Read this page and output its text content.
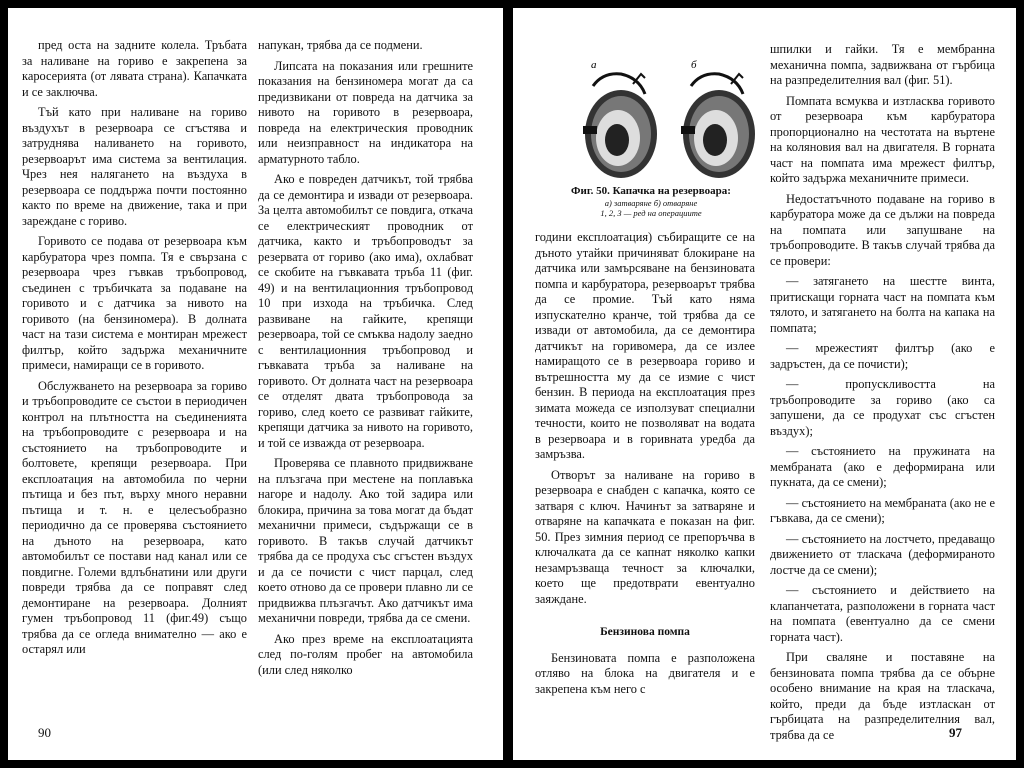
пред оста на задните колела. Тръбата за наливане на гориво е закрепена за каросерията (от лявата страна). Капачката и се заключва.

Тъй като при наливане на гориво въздухът в резервоара се сгъстява и затруднява наливането на горивото, резервоарът има система за вентилация. Чрез нея налягането на въздуха в резервоара се поддържа почти постоянно както по време на движение, така и при зареждане с гориво.

Горивото се подава от резервоара към карбуратора чрез помпа. Тя е свързана с резервоара чрез гъвкав тръбопровод, съединен с тръбичката за подаване на горивото и с датчика за нивото на горивото (на бензиномера). В долната част на тази система е монтиран мрежест филтър, който задържа механичните примеси, намиращи се в горивото.

Обслужването на резервоара за гориво и тръбопроводите се състои в периодичен контрол на плътността на съединенията на тръбопроводите с резервоара и на състоянието на тръбопроводите и болтовете, крепящи резервоара. При експлоатация на автомобила по черни пътища и без път, върху много неравни пътища и т. н. е целесъобразно периодично да се проверява състоянието на дъното на резервоара, като автомобилът се постави над канал или се повдигне. Големи вдлъбнатини или други повреди трябва да се поправят след демонтиране на резервоара. Долният гумен тръбопровод 11 (фиг.49) също трябва да се огледа внимателно — ако е остарял или

напукан, трябва да се подмени.

Липсата на показания или грешните показания на бензиномера могат да са предизвикани от повреда на датчика за нивото на горивото в резервоара, повреда на електрическия проводник или неизправност на индикатора на арматурното табло.

Ако е повреден датчикът, той трябва да се демонтира и извади от резервоара. За целта автомобилът се повдига, откача се електрическият проводник от датчика, както и тръбопроводът за резервата от гориво (ако има), охлабват се скобите на гъвкавата тръба 11 (фиг. 49) и на вентилационния тръбопровод 10 при изхода на тръбичка. След развиване на гайките, крепящи резервоара, той се смъква надолу заедно с вентилационния тръбопровод и гъвкавата тръба за наливане на горивото. От долната част на резервоара се отделят двата тръбопровода за гориво, след което се развиват гайките, крепящи датчика за нивото на горивото, и той се изважда от резервоара.

Проверява се плавното придвижване на плъзгача при местене на поплавъка нагоре и надолу. Ако той задира или блокира, причина за това могат да бъдат механични примеси, съдържащи се в горивото. В такъв случай датчикът трябва да се продуха със сгъстен въздух и да се почисти с чист парцал, след което отново да се провери плавно ли се придвижва плъзгачът. Ако датчикът има механични повреди, трябва да се смени.

Ако през време на експлоатацията след по-голям пробег на автомобила (или след няколко

90
а	б
Фиг. 50. Капачка на резервоара:
а) затваряне б) отваряне
1, 2, 3 — ред на операциите

години експлоатация) събиращите се на дъното утайки причиняват блокиране на датчика или замърсяване на бензиновата помпа и карбуратора, резервоарът трябва да се промие. Тъй като няма изпускателно кранче, той трябва да се извади от автомобила, да се демонтира датчикът на горивомера, да се излее намиращото се в резервоара гориво и вътрешността му да се измие с чист бензин. В периода на експлоатация през зимата можеда се използуват специални течности, които не позволяват на водата в резервоара и в горивната уредба да замръзва.

Отворът за наливане на гориво в резервоара е снабден с капачка, която се затваря с ключ. Начинът за затваряне и отваряне на капачката е показан на фиг. 50. През зимния период се препоръчва в ключалката да се капнат няколко капки незамръзваща течност за ключалки, което ще предотврати евентуално заяждане.

Бензинова помпа

Бензиновата помпа е разположена отляво на блока на двигателя и е закрепена към него с

шпилки и гайки. Тя е мембранна механична помпа, задвижвана от гърбица на разпределителния вал (фиг. 51).

Помпата всмуква и изтласква горивото от резервоара към карбуратора пропорционално на честотата на въртене на коляновия вал на двигателя. В горната част на помпата има мрежест филтър, който задържа механичните примеси.

Недостатъчното подаване на гориво в карбуратора може да се дължи на повреда на помпата или запушване на тръбопроводите. В такъв случай трябва да се провери:

— затягането на шестте винта, притискащи горната част на помпата към тялото, и затягането на болта на капака на помпата;

— мрежестият филтър (ако е задръстен, да се почисти);

— пропускливостта на тръбопроводите за гориво (ако са запушени, да се продухат със сгъстен въздух);

— състоянието на пружината на мембраната (ако е деформирана или пукната, да се смени);

— състоянието на мембраната (ако не е гъвкава, да се смени);

— състоянието на лостчето, предаващо движението от тласкача (деформираното лостче да се смени);

— състоянието и действието на клапанчетата, разположени в горната част на помпата (евентуално да се смени горната част).

При сваляне и поставяне на бензиновата помпа трябва да се обърне особено внимание на края на тласкача, който, преди да бъде изтласкан от гърбицата на разпределителния вал, трябва да се	97
